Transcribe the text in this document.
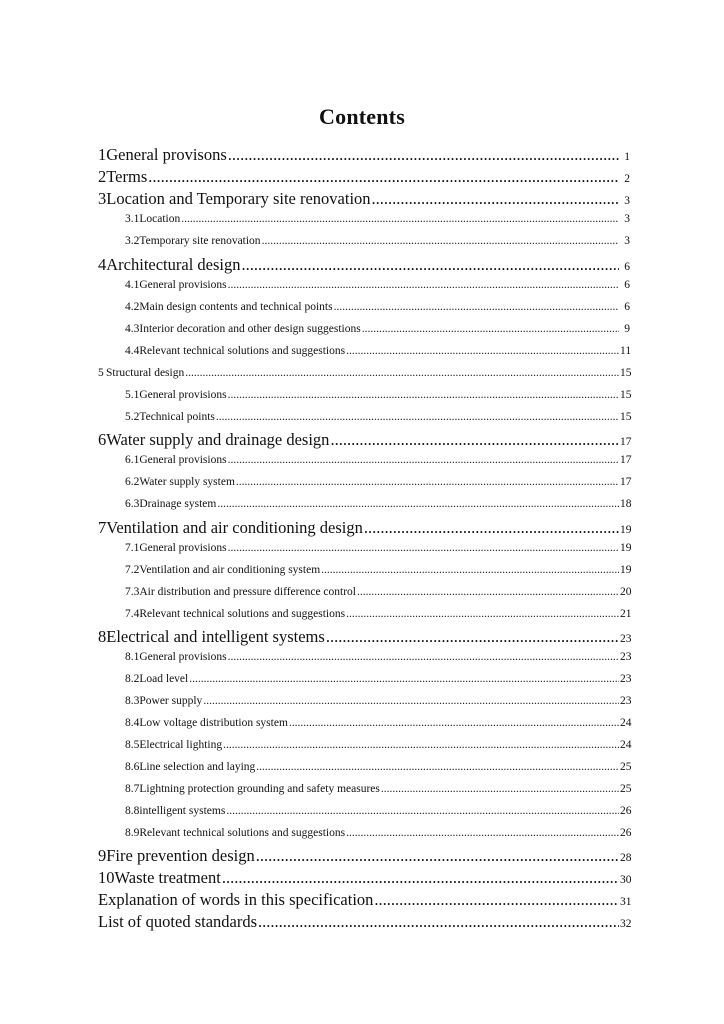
Contents
1 General provisons .....	1
2 Terms .....	2
3 Location and Temporary site renovation .....	3
3.1 Location .....	3
3.2 Temporary site renovation .....	3
4 Architectural design .....	6
4.1 General provisions .....	6
4.2 Main design contents and technical points .....	6
4.3 Interior decoration and other design suggestions .....	9
4.4 Relevant technical solutions and suggestions .....	11
5 Structural design .....	15
5.1 General provisions .....	15
5.2 Technical points .....	15
6 Water supply and drainage design .....	17
6.1 General provisions .....	17
6.2 Water supply system .....	17
6.3 Drainage system .....	18
7 Ventilation and air conditioning design .....	19
7.1 General provisions .....	19
7.2 Ventilation and air conditioning system .....	19
7.3 Air distribution and pressure difference control .....	20
7.4 Relevant technical solutions and suggestions .....	21
8 Electrical and intelligent systems .....	23
8.1 General provisions .....	23
8.2 Load level .....	23
8.3 Power supply .....	23
8.4 Low voltage distribution system .....	24
8.5 Electrical lighting .....	24
8.6 Line selection and laying .....	25
8.7 Lightning protection grounding and safety measures .....	25
8.8 intelligent systems .....	26
8.9 Relevant technical solutions and suggestions .....	26
9 Fire prevention design .....	28
10 Waste treatment .....	30
Explanation of words in this specification .....	31
List of quoted standards .....	32
